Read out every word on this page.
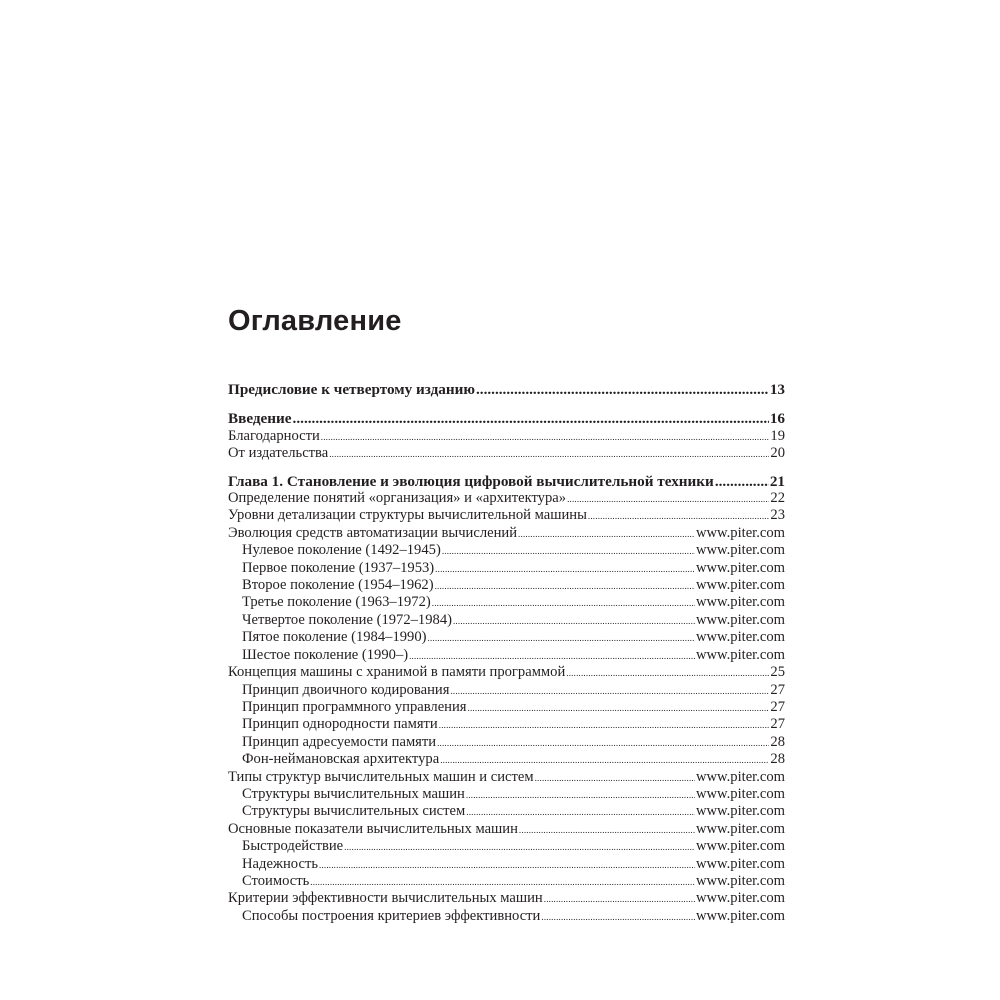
Оглавление
Предисловие к четвертому изданию .....	13
Введение .....	16
Благодарности .....	19
От издательства .....	20
Глава 1. Становление и эволюция цифровой вычислительной техники .....	21
Определение понятий «организация» и «архитектура» .....	22
Уровни детализации структуры вычислительной машины .....	23
Эволюция средств автоматизации вычислений .....	www.piter.com
Нулевое поколение (1492–1945) .....	www.piter.com
Первое поколение (1937–1953) .....	www.piter.com
Второе поколение (1954–1962) .....	www.piter.com
Третье поколение (1963–1972) .....	www.piter.com
Четвертое поколение (1972–1984) .....	www.piter.com
Пятое поколение (1984–1990) .....	www.piter.com
Шестое поколение (1990–) .....	www.piter.com
Концепция машины с хранимой в памяти программой .....	25
Принцип двоичного кодирования .....	27
Принцип программного управления .....	27
Принцип однородности памяти .....	27
Принцип адресуемости памяти .....	28
Фон-неймановская архитектура .....	28
Типы структур вычислительных машин и систем .....	www.piter.com
Структуры вычислительных машин .....	www.piter.com
Структуры вычислительных систем .....	www.piter.com
Основные показатели вычислительных машин .....	www.piter.com
Быстродействие .....	www.piter.com
Надежность .....	www.piter.com
Стоимость .....	www.piter.com
Критерии эффективности вычислительных машин .....	www.piter.com
Способы построения критериев эффективности .....	www.piter.com
